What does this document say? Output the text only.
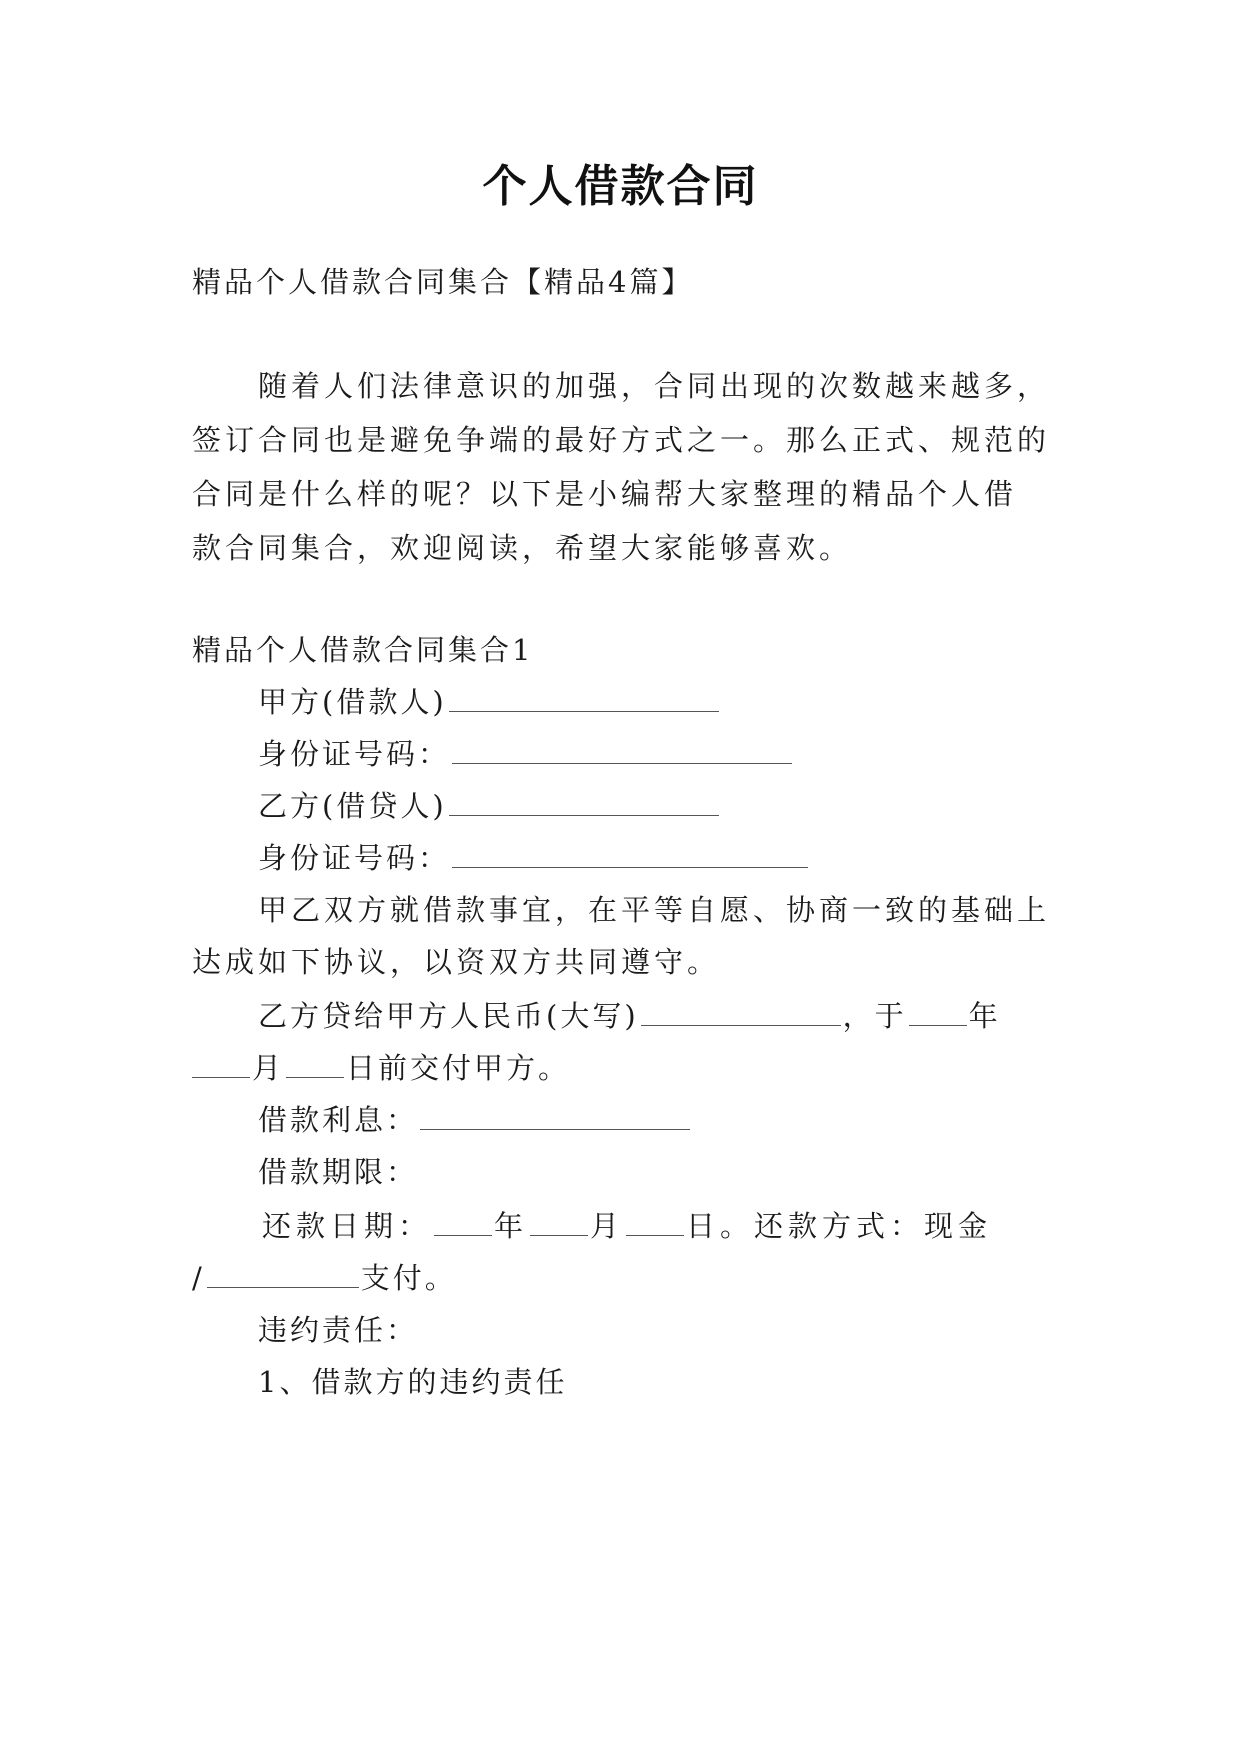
个人借款合同
精品个人借款合同集合【精品4篇】
随着人们法律意识的加强，合同出现的次数越来越多，
签订合同也是避免争端的最好方式之一。那么正式、规范的
合同是什么样的呢？以下是小编帮大家整理的精品个人借
款合同集合，欢迎阅读，希望大家能够喜欢。
精品个人借款合同集合1
甲方(借款人)
身份证号码：
乙方(借贷人)
身份证号码：
甲乙双方就借款事宜，在平等自愿、协商一致的基础上
达成如下协议，以资双方共同遵守。
乙方贷给甲方人民币(大写)	，于 年
月 日前交付甲方。
借款利息：
借款期限：
还款日期： 年 月 日。还款方式：现金
/	支付。
违约责任：
1、借款方的违约责任
